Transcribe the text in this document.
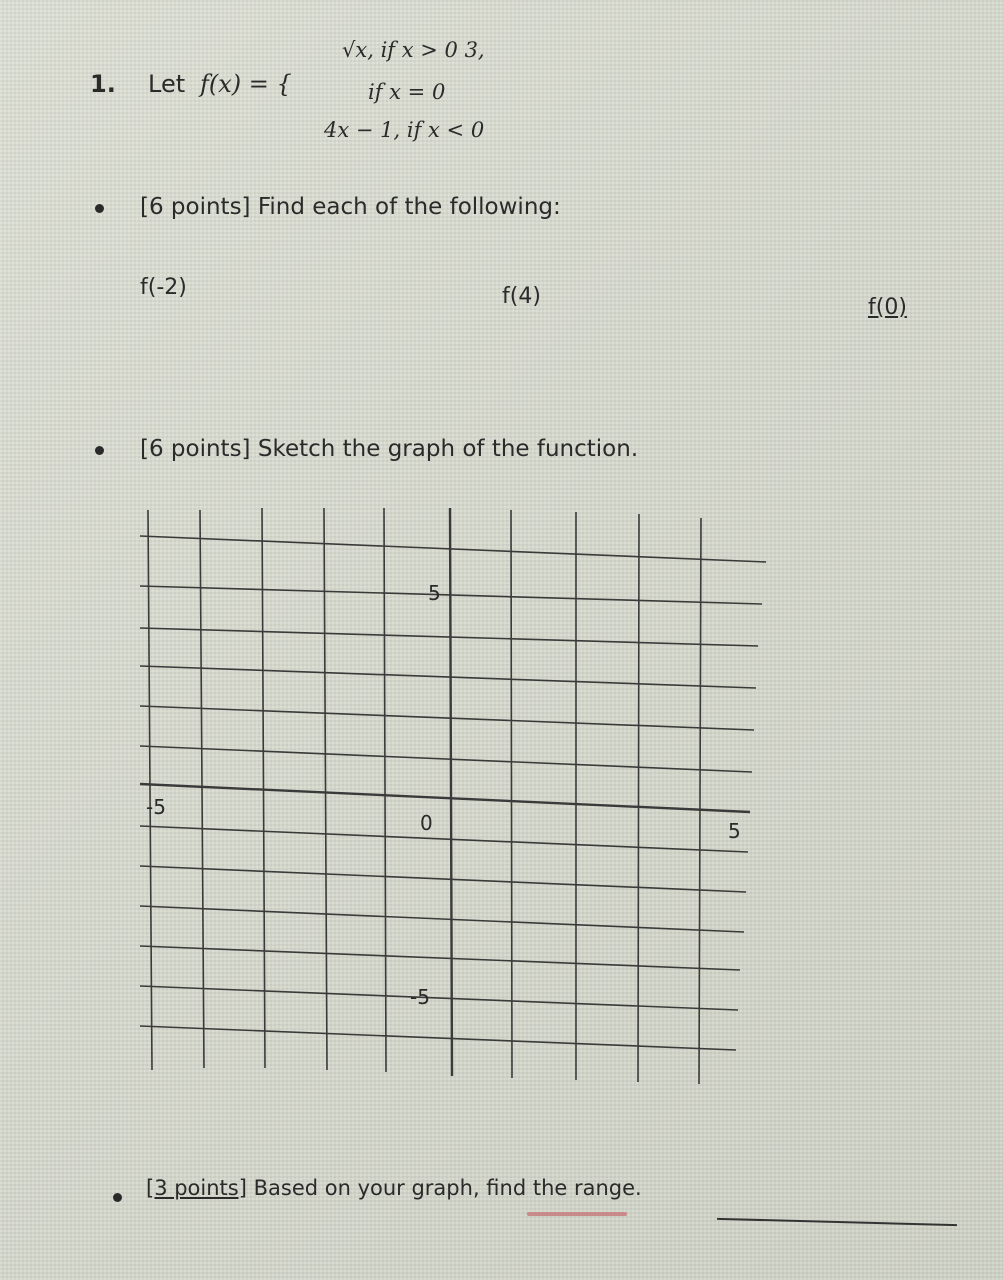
1. Let f(x) = {
√x, if x > 0 3,
if x = 0
4x − 1, if x < 0
[6 points] Find each of the following:
f(-2)	f(4)	f(0)
[6 points] Sketch the graph of the function.
5
-5
-5
5
0
[3 points] Based on your graph, find the range.
